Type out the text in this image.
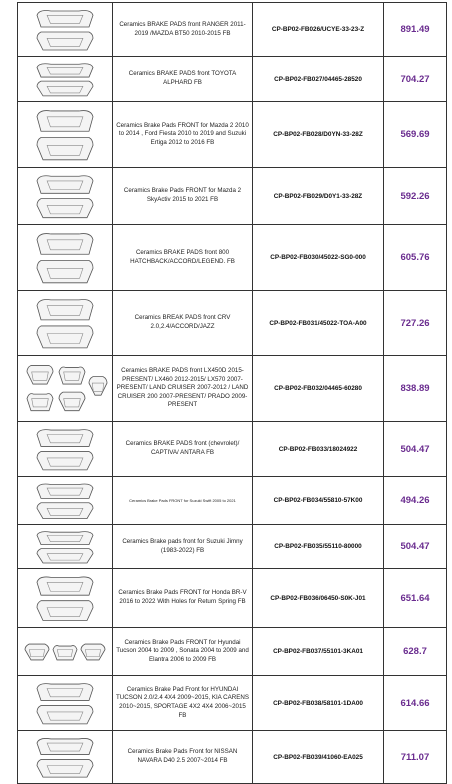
	Ceramics BRAKE PADS front RANGER 2011-2019 /MAZDA BT50 2010-2015 FB	CP-BP02-FB026/UCYE-33-23-Z	891.49

	Ceramics BRAKE PADS front TOYOTA ALPHARD FB	CP-BP02-FB027/04465-28520	704.27

	Ceramics Brake Pads FRONT for Mazda 2 2010 to 2014 , Ford Fiesta 2010 to 2019 and Suzuki Ertiga 2012 to 2016 FB	CP-BP02-FB028/D0YN-33-28Z	569.69

	Ceramics Brake Pads FRONT for Mazda 2 SkyActiv 2015 to 2021 FB	CP-BP02-FB029/D0Y1-33-28Z	592.26

	Ceramics BRAKE PADS front 800 HATCHBACK/ACCORD/LEGEND. FB	CP-BP02-FB030/45022-SG0-000	605.76

	Ceramics BREAK PADS front CRV 2.0,2.4/ACCORD/JAZZ	CP-BP02-FB031/45022-TOA-A00	727.26

	Ceramics BRAKE PADS front LX450D 2015-PRESENT/ LX460 2012-2015/ LX570 2007-PRESENT/ LAND CRUISER 2007-2012 / LAND CRUISER 200 2007-PRESENT/ PRADO 2009-PRESENT	CP-BP02-FB032/04465-60280	838.89

	Ceramics BRAKE PADS front (chevrolet)/ CAPTIVA/ ANTARA FB	CP-BP02-FB033/18024922	504.47

	Ceramics Brake Pads FRONT for Suzuki Swift 2005 to 2021	CP-BP02-FB034/55810-57K00	494.26

	Ceramics Brake pads front for Suzuki Jimny (1983-2022) FB	CP-BP02-FB035/55110-80000	504.47

	Ceramics Brake Pads FRONT for Honda BR-V 2016 to 2022 With Holes for Return Spring FB	CP-BP02-FB036/06450-S0K-J01	651.64

	Ceramics Brake Pads FRONT for Hyundai Tucson 2004 to 2009 , Sonata 2004 to 2009 and Elantra 2006 to 2009 FB	CP-BP02-FB037/55101-3KA01	628.7

	Ceramics Brake Pad Front for HYUNDAI TUCSON 2.0/2.4 4X4 2009~2015, KIA CARENS 2010~2015, SPORTAGE 4X2 4X4 2006~2015 FB	CP-BP02-FB038/58101-1DA00	614.66

	Ceramics Brake Pads Front for NISSAN NAVARA D40 2.5 2007~2014 FB	CP-BP02-FB039/41060-EA025	711.07
